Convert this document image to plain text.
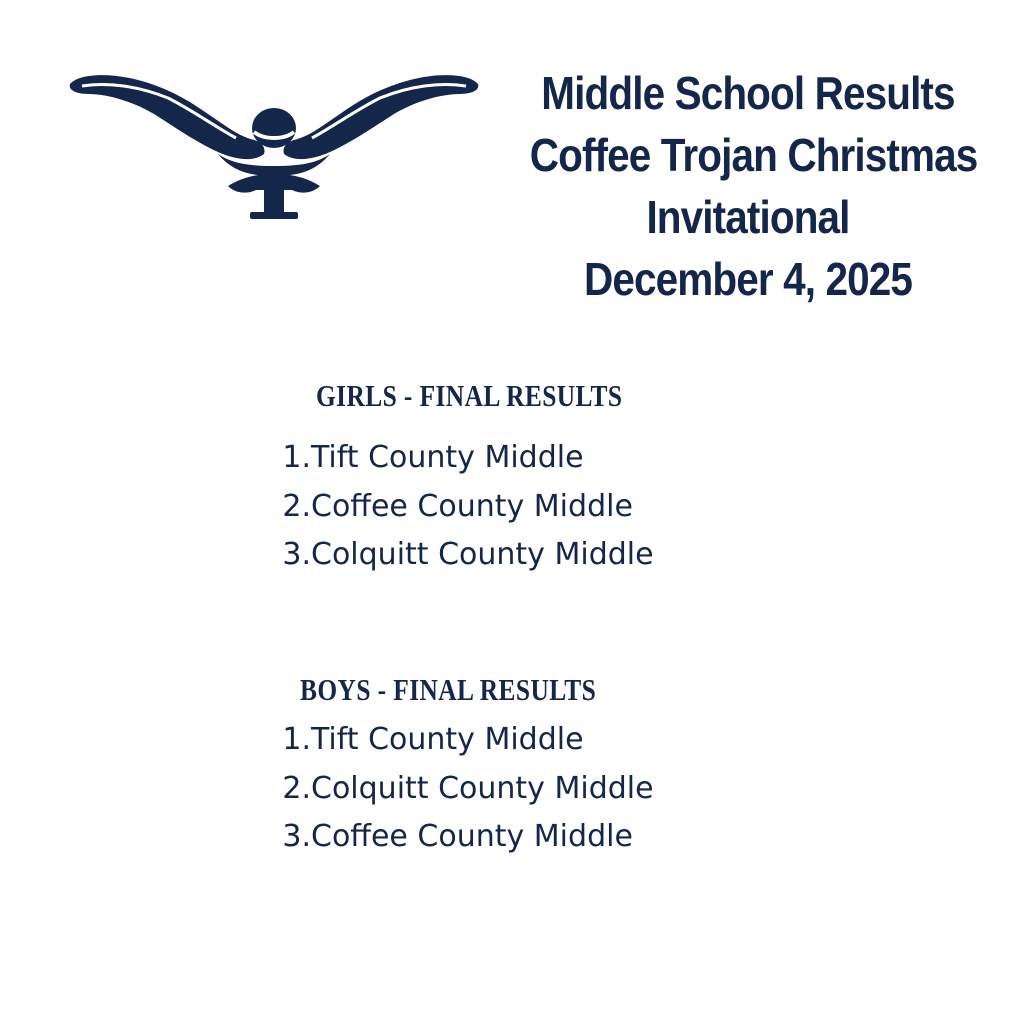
Middle School Results
Coffee Trojan Christmas
Invitational
December 4, 2025
GIRLS - FINAL RESULTS
1. Tift County Middle
2. Coffee County Middle
3. Colquitt County Middle
BOYS - FINAL RESULTS
1. Tift County Middle
2. Colquitt County Middle
3. Coffee County Middle
